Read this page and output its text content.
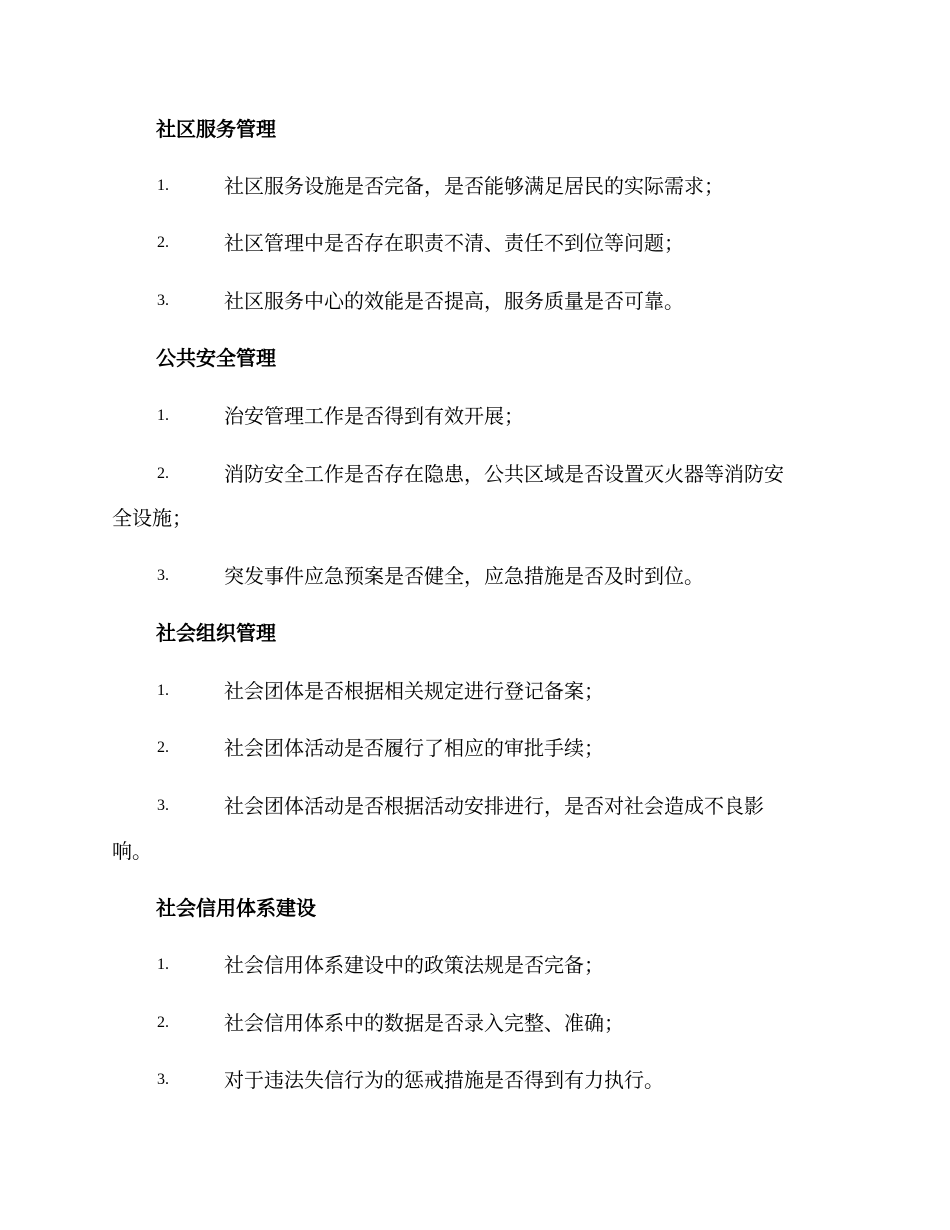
社区服务管理
1.	社区服务设施是否完备，是否能够满足居民的实际需求；
2.	社区管理中是否存在职责不清、责任不到位等问题；
3.	社区服务中心的效能是否提高，服务质量是否可靠。
公共安全管理
1.	治安管理工作是否得到有效开展；
2.	消防安全工作是否存在隐患，公共区域是否设置灭火器等消防安
全设施；
3.	突发事件应急预案是否健全，应急措施是否及时到位。
社会组织管理
1.	社会团体是否根据相关规定进行登记备案；
2.	社会团体活动是否履行了相应的审批手续；
3.	社会团体活动是否根据活动安排进行，是否对社会造成不良影
响。
社会信用体系建设
1.	社会信用体系建设中的政策法规是否完备；
2.	社会信用体系中的数据是否录入完整、准确；
3.	对于违法失信行为的惩戒措施是否得到有力执行。
